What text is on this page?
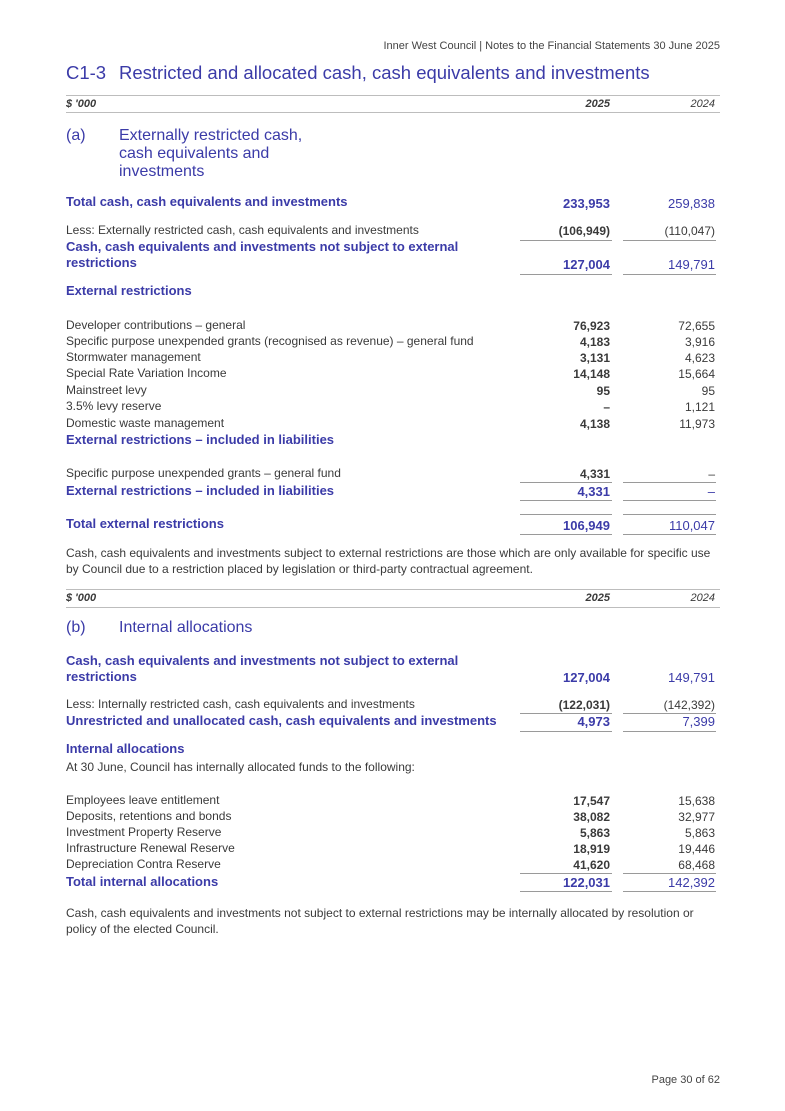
Inner West Council | Notes to the Financial Statements 30 June 2025
C1-3 Restricted and allocated cash, cash equivalents and investments
$ '000	2025	2024
(a) Externally restricted cash, cash equivalents and investments
Total cash, cash equivalents and investments	233,953	259,838
Less: Externally restricted cash, cash equivalents and investments	(106,949)	(110,047)
Cash, cash equivalents and investments not subject to external restrictions	127,004	149,791
External restrictions
Developer contributions – general	76,923	72,655
Specific purpose unexpended grants (recognised as revenue) – general fund	4,183	3,916
Stormwater management	3,131	4,623
Special Rate Variation Income	14,148	15,664
Mainstreet levy	95	95
3.5% levy reserve	–	1,121
Domestic waste management	4,138	11,973
External restrictions – included in liabilities
Specific purpose unexpended grants – general fund	4,331	–
External restrictions – included in liabilities	4,331	–
Total external restrictions	106,949	110,047
Cash, cash equivalents and investments subject to external restrictions are those which are only available for specific use by Council due to a restriction placed by legislation or third-party contractual agreement.
$ '000	2025	2024
(b) Internal allocations
Cash, cash equivalents and investments not subject to external restrictions	127,004	149,791
Less: Internally restricted cash, cash equivalents and investments	(122,031)	(142,392)
Unrestricted and unallocated cash, cash equivalents and investments	4,973	7,399
Internal allocations
At 30 June, Council has internally allocated funds to the following:
Employees leave entitlement	17,547	15,638
Deposits, retentions and bonds	38,082	32,977
Investment Property Reserve	5,863	5,863
Infrastructure Renewal Reserve	18,919	19,446
Depreciation Contra Reserve	41,620	68,468
Total internal allocations	122,031	142,392
Cash, cash equivalents and investments not subject to external restrictions may be internally allocated by resolution or policy of the elected Council.
Page 30 of 62
